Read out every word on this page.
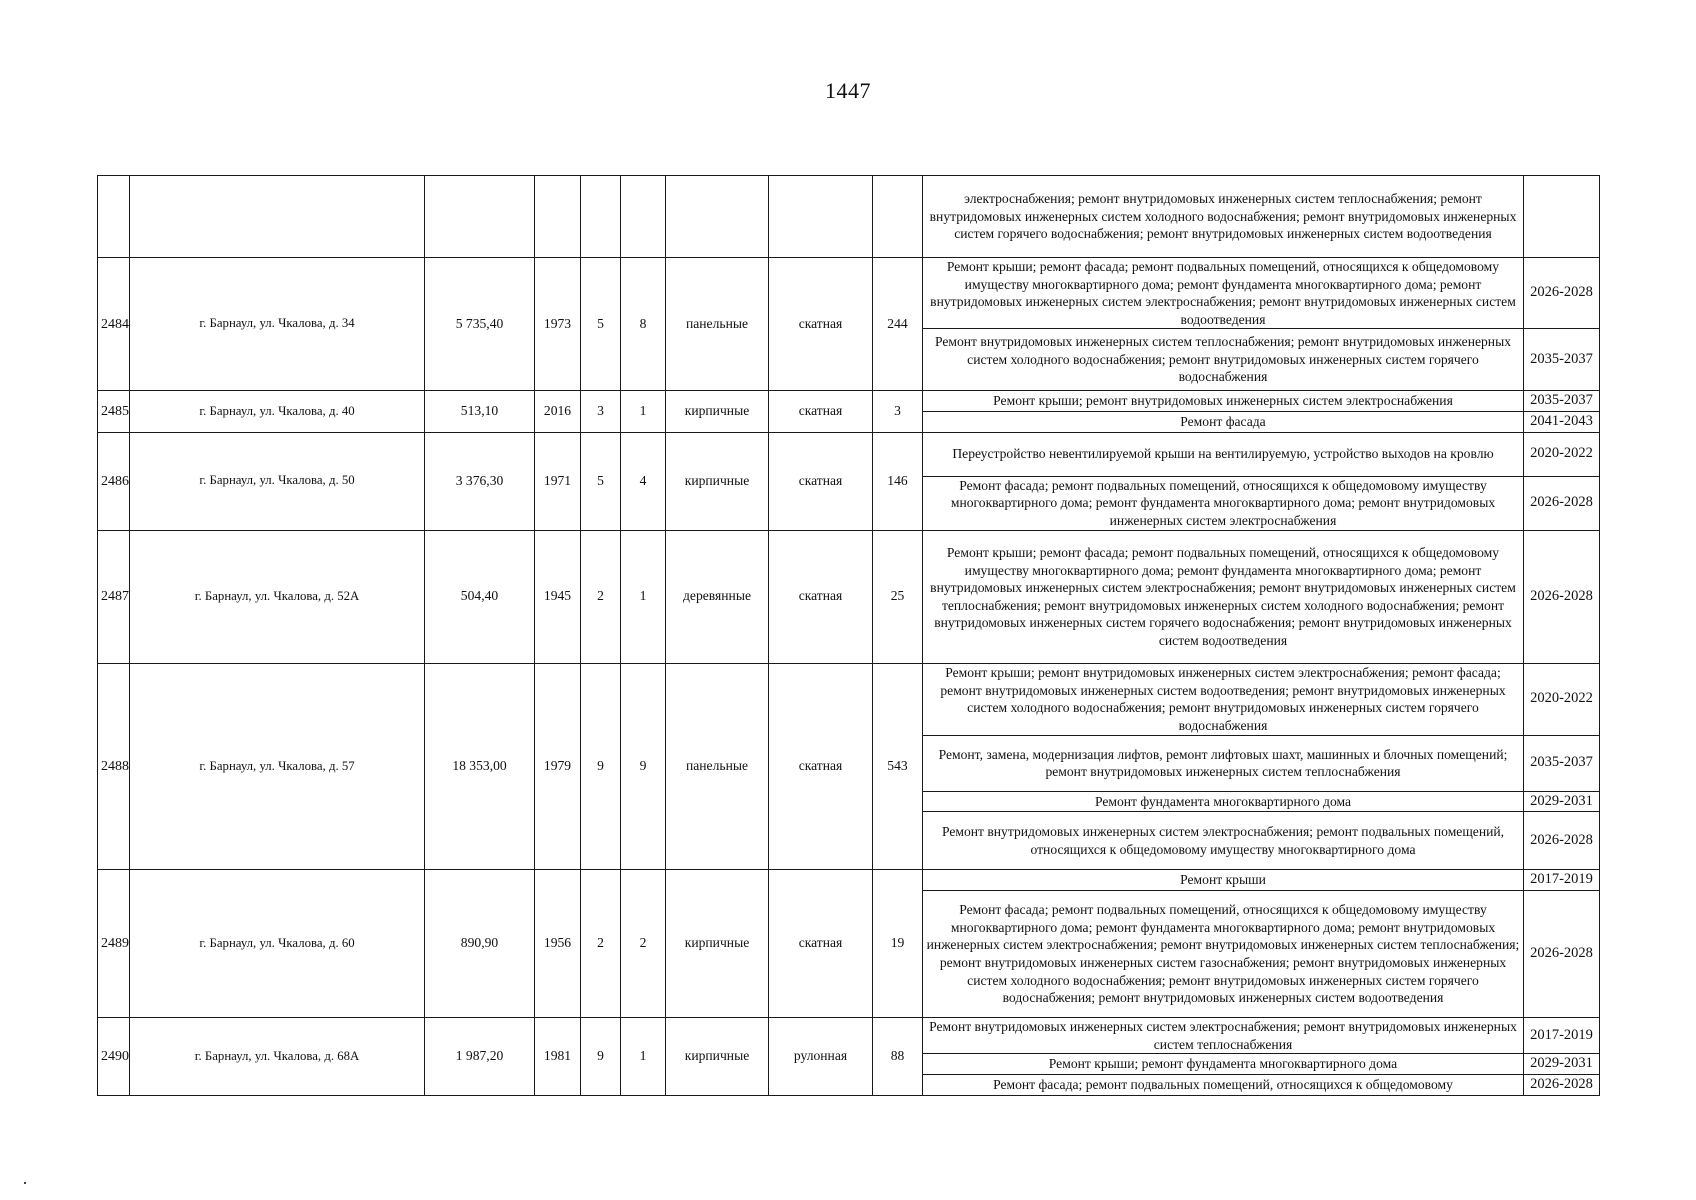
1447
									электроснабжения; ремонт внутридомовых инженерных систем теплоснабжения; ремонт внутридомовых инженерных систем холодного водоснабжения; ремонт внутридомовых инженерных систем горячего водоснабжения; ремонт внутридомовых инженерных систем водоотведения	
2484	г. Барнаул, ул. Чкалова, д. 34	5 735,40	1973	5	8	панельные	скатная	244	Ремонт крыши; ремонт фасада; ремонт подвальных помещений, относящихся к общедомовому имуществу многоквартирного дома; ремонт фундамента многоквартирного дома; ремонт внутридомовых инженерных систем электроснабжения; ремонт внутридомовых инженерных систем водоотведения	2026-2028
									Ремонт внутридомовых инженерных систем теплоснабжения; ремонт внутридомовых инженерных систем холодного водоснабжения; ремонт внутридомовых инженерных систем горячего водоснабжения	2035-2037
2485	г. Барнаул, ул. Чкалова, д. 40	513,10	2016	3	1	кирпичные	скатная	3	Ремонт крыши; ремонт внутридомовых инженерных систем электроснабжения	2035-2037
									Ремонт фасада	2041-2043
2486	г. Барнаул, ул. Чкалова, д. 50	3 376,30	1971	5	4	кирпичные	скатная	146	Переустройство невентилируемой крыши на вентилируемую, устройство выходов на кровлю	2020-2022
									Ремонт фасада; ремонт подвальных помещений, относящихся к общедомовому имуществу многоквартирного дома; ремонт фундамента многоквартирного дома; ремонт внутридомовых инженерных систем электроснабжения	2026-2028
2487	г. Барнаул, ул. Чкалова, д. 52А	504,40	1945	2	1	деревянные	скатная	25	Ремонт крыши; ремонт фасада; ремонт подвальных помещений, относящихся к общедомовому имуществу многоквартирного дома; ремонт фундамента многоквартирного дома; ремонт внутридомовых инженерных систем электроснабжения; ремонт внутридомовых инженерных систем теплоснабжения; ремонт внутридомовых инженерных систем холодного водоснабжения; ремонт внутридомовых инженерных систем горячего водоснабжения; ремонт внутридомовых инженерных систем водоотведения	2026-2028
2488	г. Барнаул, ул. Чкалова, д. 57	18 353,00	1979	9	9	панельные	скатная	543	Ремонт крыши; ремонт внутридомовых инженерных систем электроснабжения; ремонт фасада; ремонт внутридомовых инженерных систем водоотведения; ремонт внутридомовых инженерных систем холодного водоснабжения; ремонт внутридомовых инженерных систем горячего водоснабжения	2020-2022
									Ремонт, замена, модернизация лифтов, ремонт лифтовых шахт, машинных и блочных помещений; ремонт внутридомовых инженерных систем теплоснабжения	2035-2037
									Ремонт фундамента многоквартирного дома	2029-2031
									Ремонт внутридомовых инженерных систем электроснабжения; ремонт подвальных помещений, относящихся к общедомовому имуществу многоквартирного дома	2026-2028
2489	г. Барнаул, ул. Чкалова, д. 60	890,90	1956	2	2	кирпичные	скатная	19	Ремонт крыши	2017-2019
									Ремонт фасада; ремонт подвальных помещений, относящихся к общедомовому имуществу многоквартирного дома; ремонт фундамента многоквартирного дома; ремонт внутридомовых инженерных систем электроснабжения; ремонт внутридомовых инженерных систем теплоснабжения; ремонт внутридомовых инженерных систем газоснабжения; ремонт внутридомовых инженерных систем холодного водоснабжения; ремонт внутридомовых инженерных систем горячего водоснабжения; ремонт внутридомовых инженерных систем водоотведения	2026-2028
2490	г. Барнаул, ул. Чкалова, д. 68А	1 987,20	1981	9	1	кирпичные	рулонная	88	Ремонт внутридомовых инженерных систем электроснабжения; ремонт внутридомовых инженерных систем теплоснабжения	2017-2019
									Ремонт крыши; ремонт фундамента многоквартирного дома	2029-2031
									Ремонт фасада; ремонт подвальных помещений, относящихся к общедомовому	2026-2028
